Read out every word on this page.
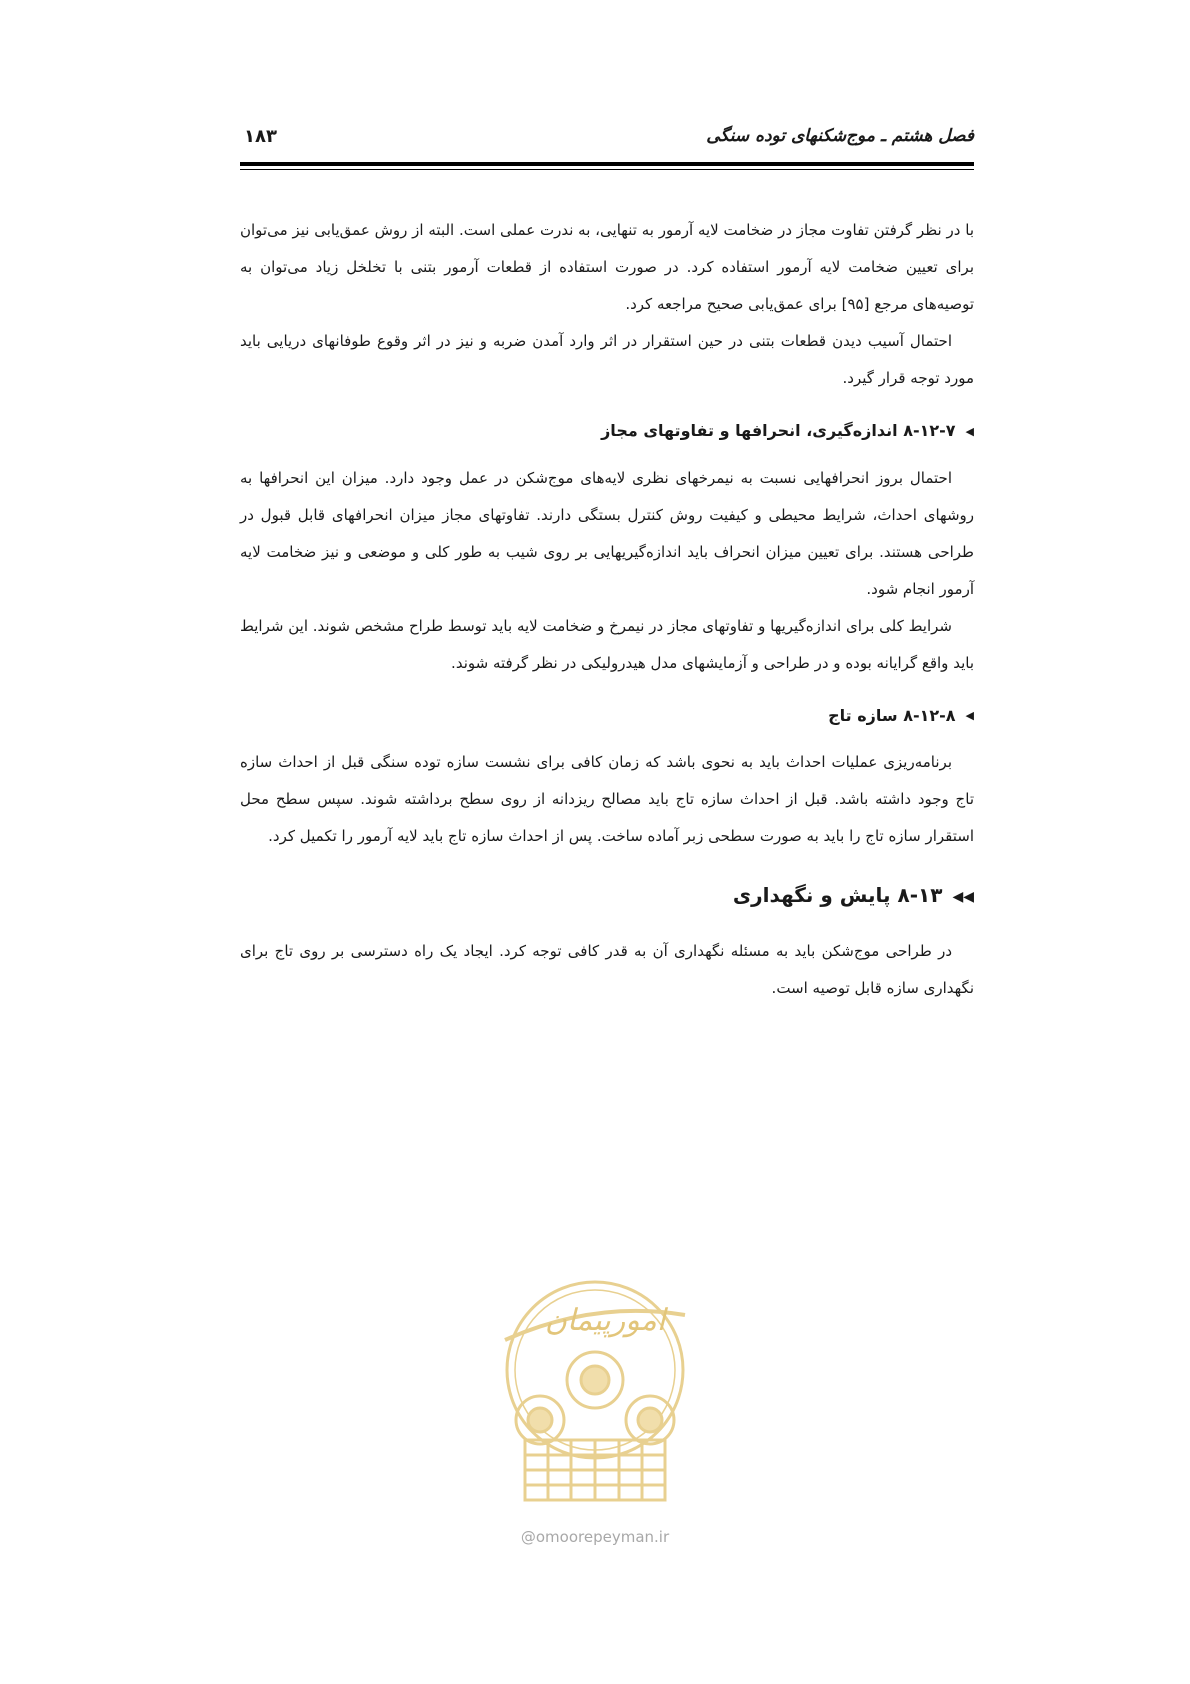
فصل هشتم ـ موج‌شکنهای توده سنگی
۱۸۳

با در نظر گرفتن تفاوت مجاز در ضخامت لایه آرمور به تنهایی، به ندرت عملی است. البته از روش عمق‌یابی نیز می‌توان برای تعیین ضخامت لایه آرمور استفاده کرد. در صورت استفاده از قطعات آرمور بتنی با تخلخل زیاد می‌توان به توصیه‌های مرجع [۹۵] برای عمق‌یابی صحیح مراجعه کرد.

احتمال آسیب دیدن قطعات بتنی در حین استقرار در اثر وارد آمدن ضربه و نیز در اثر وقوع طوفانهای دریایی باید مورد توجه قرار گیرد.

◀۸-۱۲-۷ اندازه‌گیری، انحرافها و تفاوتهای مجاز

احتمال بروز انحرافهایی نسبت به نیمرخهای نظری لایه‌های موج‌شکن در عمل وجود دارد. میزان این انحرافها به روشهای احداث، شرایط محیطی و کیفیت روش کنترل بستگی دارند. تفاوتهای مجاز میزان انحرافهای قابل قبول در طراحی هستند. برای تعیین میزان انحراف باید اندازه‌گیریهایی بر روی شیب به طور کلی و موضعی و نیز ضخامت لایه آرمور انجام شود.

شرایط کلی برای اندازه‌گیریها و تفاوتهای مجاز در نیمرخ و ضخامت لایه باید توسط طراح مشخص شوند. این شرایط باید واقع گرایانه بوده و در طراحی و آزمایشهای مدل هیدرولیکی در نظر گرفته شوند.

◀۸-۱۲-۸ سازه تاج

برنامه‌ریزی عملیات احداث باید به نحوی باشد که زمان کافی برای نشست سازه توده سنگی قبل از احداث سازه تاج وجود داشته باشد. قبل از احداث سازه تاج باید مصالح ریزدانه از روی سطح برداشته شوند. سپس سطح محل استقرار سازه تاج را باید به صورت سطحی زبر آماده ساخت. پس از احداث سازه تاج باید لایه آرمور را تکمیل کرد.

◀◀۸-۱۳ پایش و نگهداری

در طراحی موج‌شکن باید به مسئله نگهداری آن به قدر کافی توجه کرد. ایجاد یک راه دسترسی بر روی تاج برای نگهداری سازه قابل توصیه است.

امورپیمان
@omoorepeyman.ir
